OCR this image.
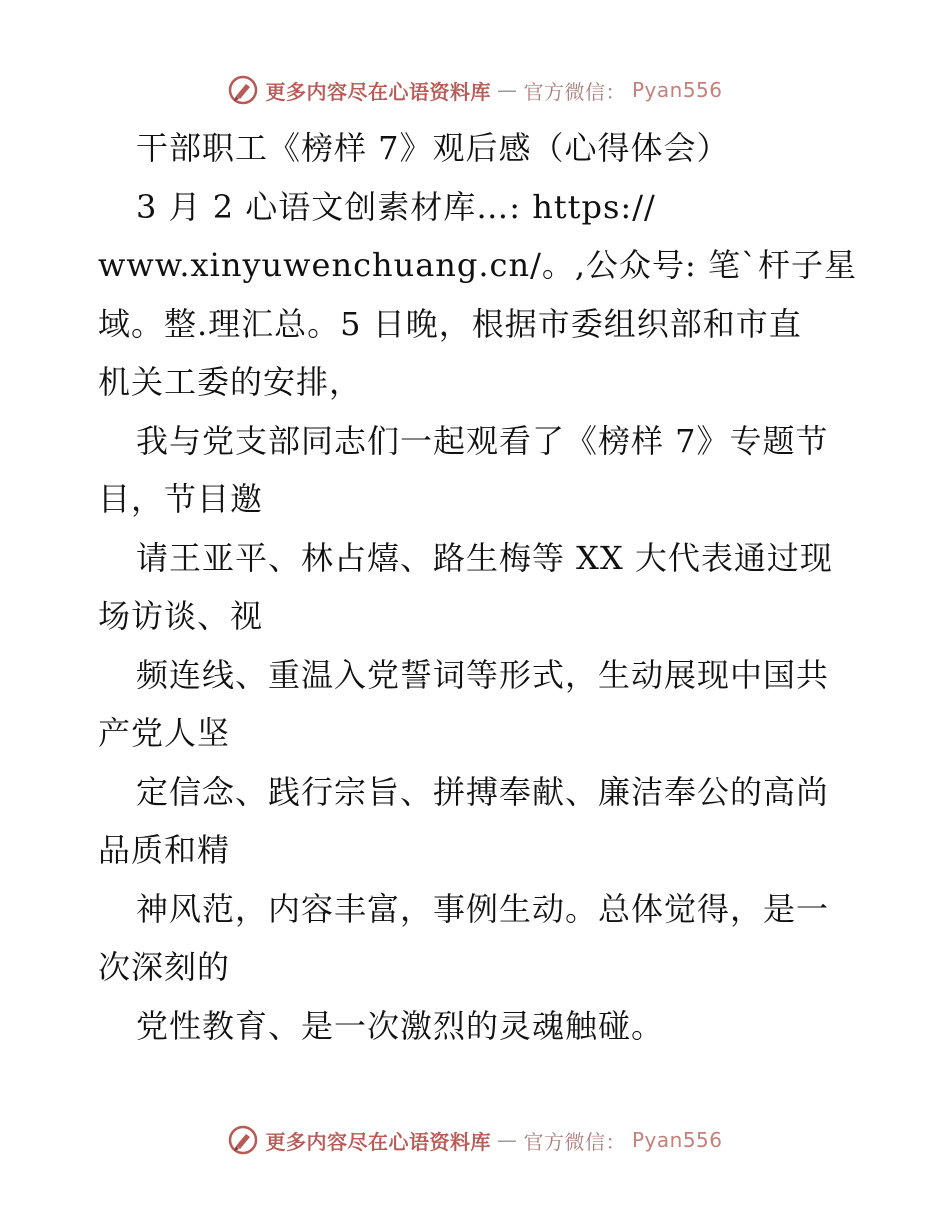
更多内容尽在心语资料库 — 官方微信： Pyan556
干部职工《榜样 7》观后感（心得体会）
3 月 2 心语文创素材库…: https://
www.xinyuwenchuang.cn/。,公众号: 笔`杆子星
域。整.理汇总。5 日晚，根据市委组织部和市直
机关工委的安排，
我与党支部同志们一起观看了《榜样 7》专题节
目，节目邀
请王亚平、林占熺、路生梅等 XX 大代表通过现
场访谈、视
频连线、重温入党誓词等形式，生动展现中国共
产党人坚
定信念、践行宗旨、拼搏奉献、廉洁奉公的高尚
品质和精
神风范，内容丰富，事例生动。总体觉得，是一
次深刻的
党性教育、是一次激烈的灵魂触碰。
更多内容尽在心语资料库 — 官方微信： Pyan556
